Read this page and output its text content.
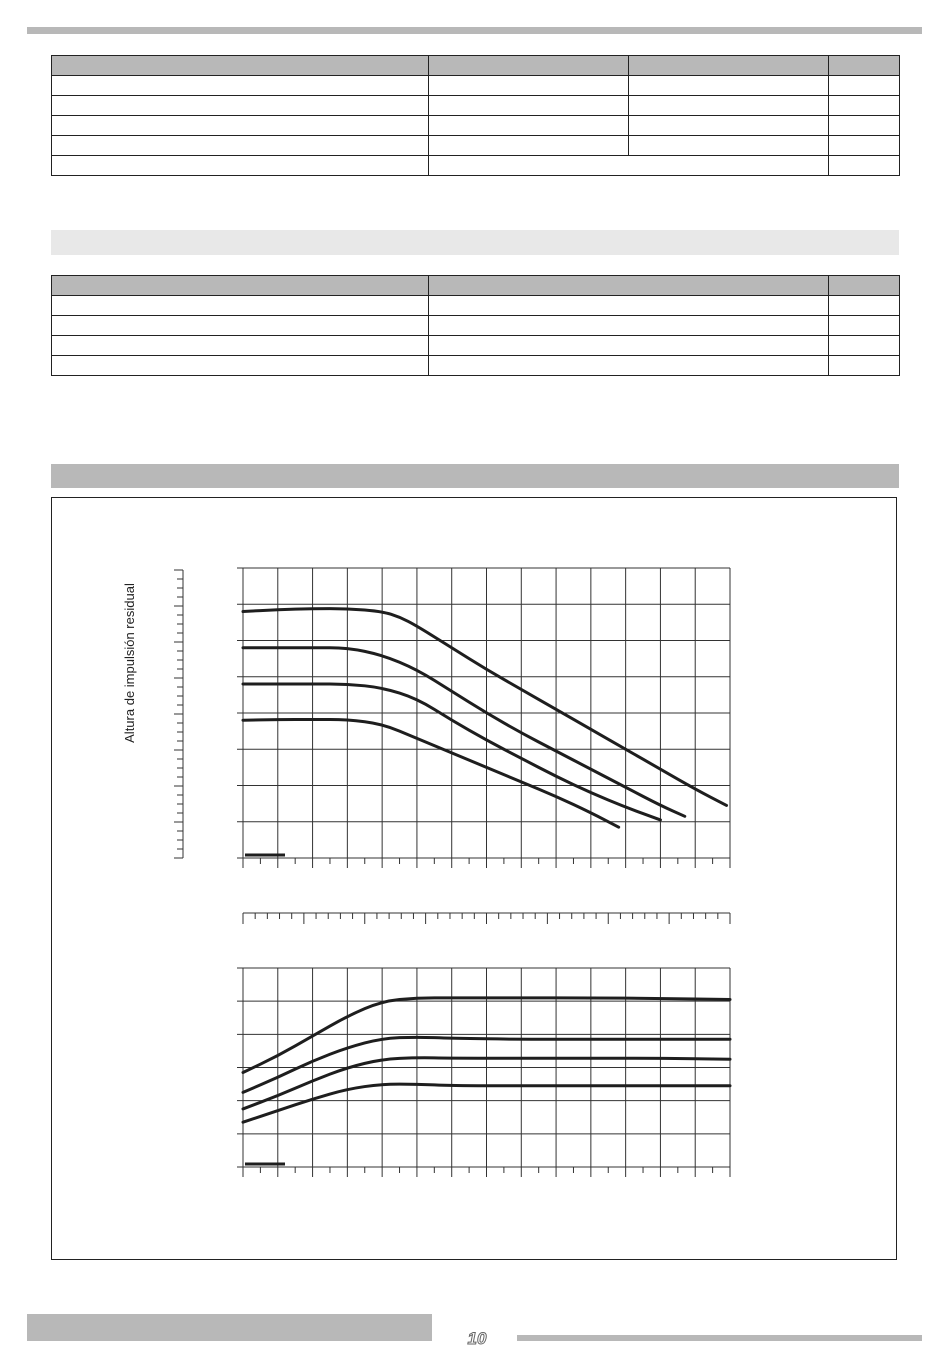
Altura de impulsión residual
10
